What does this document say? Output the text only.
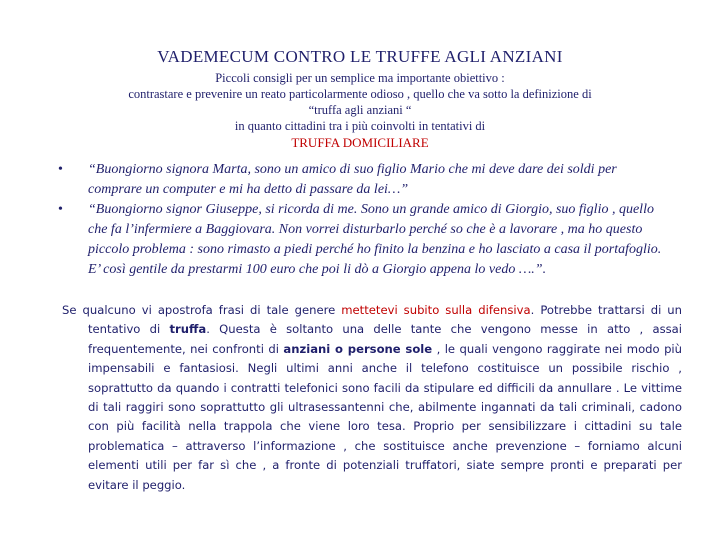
VADEMECUM CONTRO LE TRUFFE AGLI ANZIANI
Piccoli consigli per un semplice ma importante obiettivo :
contrastare e prevenire un reato particolarmente odioso , quello che va sotto la definizione di
“truffa agli anziani “
in quanto cittadini tra i più coinvolti in tentativi di
TRUFFA DOMICILIARE

• “Buongiorno signora Marta, sono un amico di suo figlio Mario che mi deve dare dei soldi per comprare un computer e mi ha detto di passare da lei…”

• “Buongiorno signor Giuseppe, si ricorda di me. Sono un grande amico di Giorgio, suo figlio , quello che fa l’infermiere a Baggiovara. Non vorrei disturbarlo perché so che è a lavorare , ma ho questo piccolo problema : sono rimasto a piedi perché ho finito la benzina e ho lasciato a casa il portafoglio. E’ così gentile da prestarmi 100 euro che poi li dò a Giorgio appena lo vedo ….”.

Se qualcuno vi apostrofa frasi di tale genere mettetevi subito sulla difensiva. Potrebbe trattarsi di un tentativo di truffa. Questa è soltanto una delle tante che vengono messe in atto , assai frequentemente, nei confronti di anziani o persone sole , le quali vengono raggirate nei modo più impensabili e fantasiosi. Negli ultimi anni anche il telefono costituisce un possibile rischio , soprattutto da quando i contratti telefonici sono facili da stipulare ed difficili da annullare . Le vittime di tali raggiri sono soprattutto gli ultrasessantenni che, abilmente ingannati da tali criminali, cadono con più facilità nella trappola che viene loro tesa. Proprio per sensibilizzare i cittadini su tale problematica – attraverso l’informazione , che sostituisce anche prevenzione – forniamo alcuni elementi utili per far sì che , a fronte di potenziali truffatori, siate sempre pronti e preparati per evitare il peggio.
